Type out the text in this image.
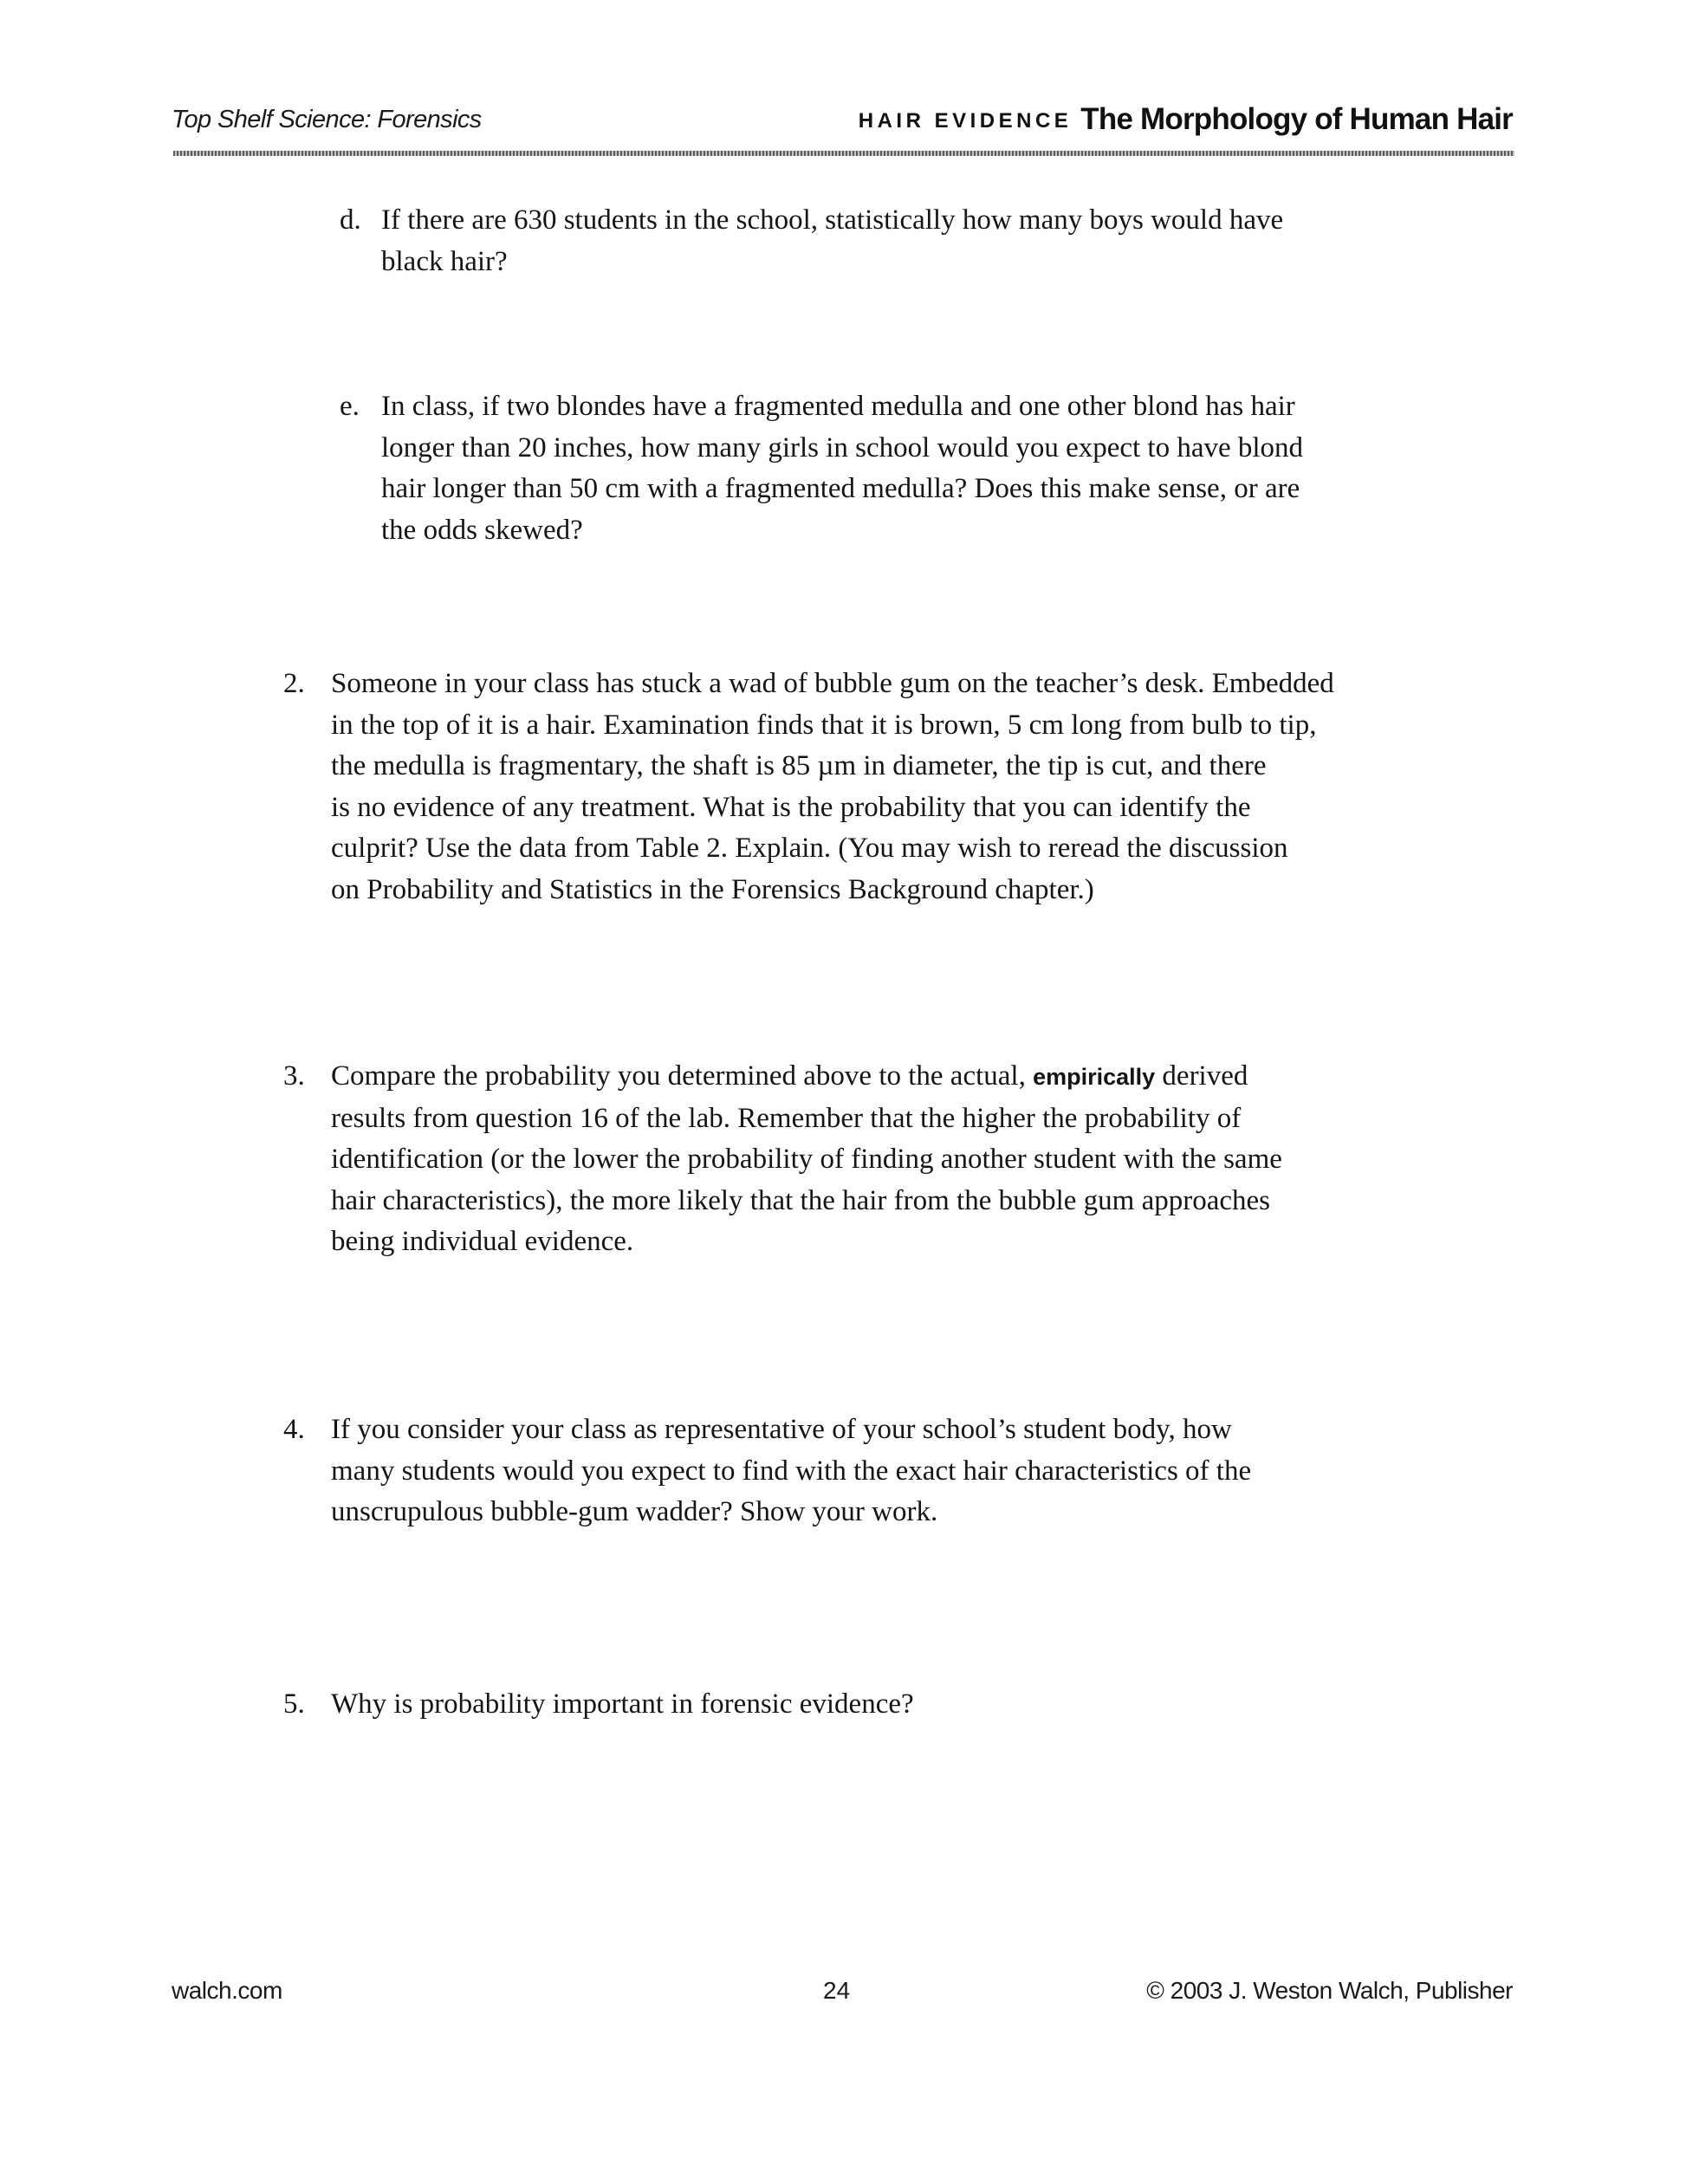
Top Shelf Science: Forensics	HAIR EVIDENCE The Morphology of Human Hair
d. If there are 630 students in the school, statistically how many boys would have
black hair?
e. In class, if two blondes have a fragmented medulla and one other blond has hair
longer than 20 inches, how many girls in school would you expect to have blond
hair longer than 50 cm with a fragmented medulla? Does this make sense, or are
the odds skewed?
2. Someone in your class has stuck a wad of bubble gum on the teacher’s desk. Embedded
in the top of it is a hair. Examination finds that it is brown, 5 cm long from bulb to tip,
the medulla is fragmentary, the shaft is 85 µm in diameter, the tip is cut, and there
is no evidence of any treatment. What is the probability that you can identify the
culprit? Use the data from Table 2. Explain. (You may wish to reread the discussion
on Probability and Statistics in the Forensics Background chapter.)
3. Compare the probability you determined above to the actual, empirically derived
results from question 16 of the lab. Remember that the higher the probability of
identification (or the lower the probability of finding another student with the same
hair characteristics), the more likely that the hair from the bubble gum approaches
being individual evidence.
4. If you consider your class as representative of your school’s student body, how
many students would you expect to find with the exact hair characteristics of the
unscrupulous bubble-gum wadder? Show your work.
5. Why is probability important in forensic evidence?
walch.com	24	© 2003 J. Weston Walch, Publisher
